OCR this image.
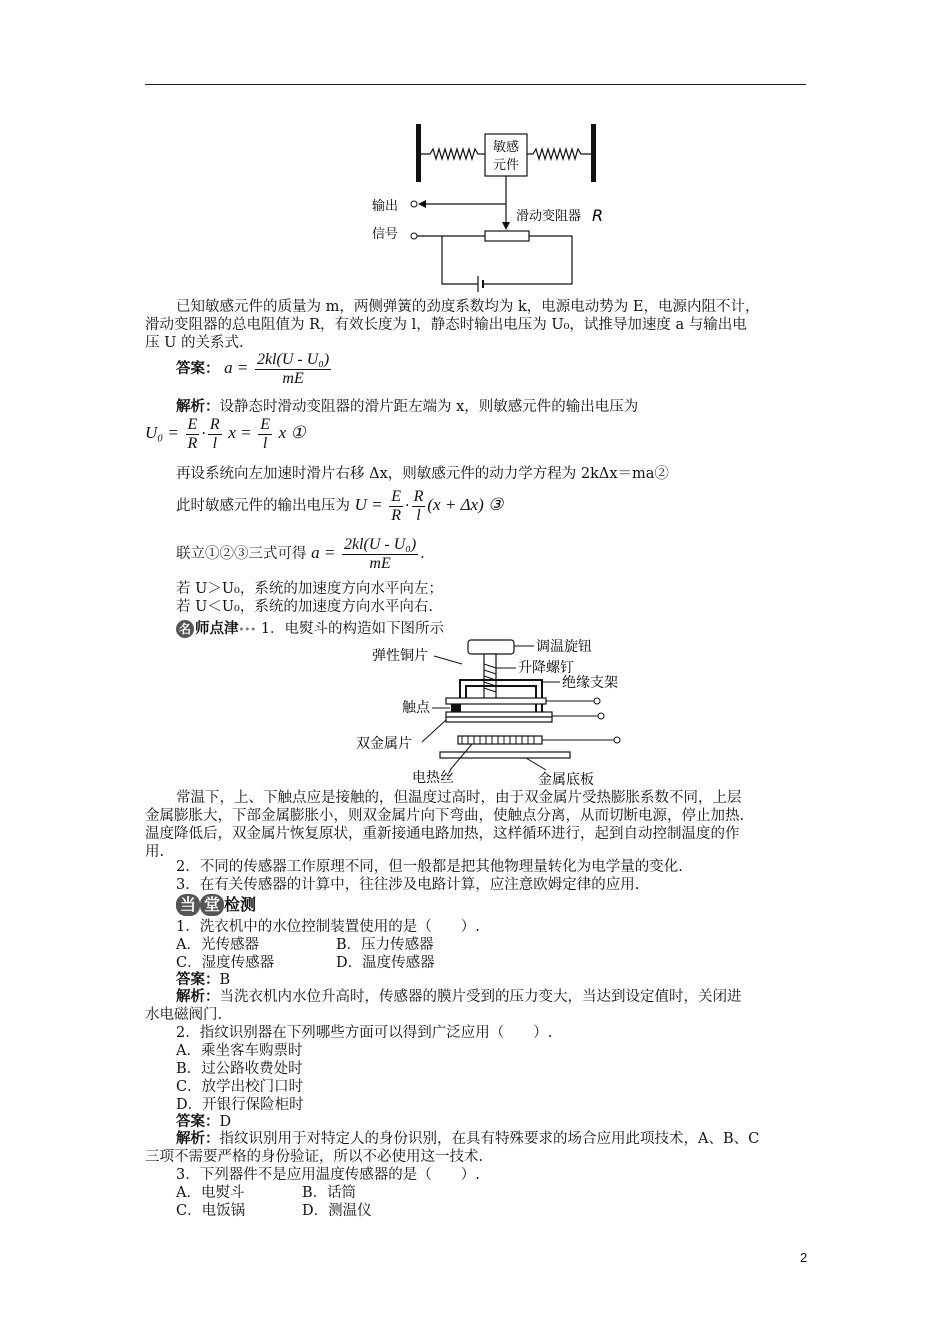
敏感
元件
输出
信号
滑动变阻器 R
已知敏感元件的质量为 m，两侧弹簧的劲度系数均为 k，电源电动势为 E，电源内阻不计，
滑动变阻器的总电阻值为 R，有效长度为 l，静态时输出电压为 U₀，试推导加速度 a 与输出电
压 U 的关系式.
答案： $a = \frac{\text{2kl(U - U₀)}}{mE}$
解析：设静态时滑动变阻器的滑片距左端为 x，则敏感元件的输出电压为
$U_0 = \frac{E}{R} \cdot \frac{R}{l}$ $x = \frac{E}{l}$ x ①
再设系统向左加速时滑片右移 Δx，则敏感元件的动力学方程为 2kΔx＝ma②
此时敏感元件的输出电压为 $U = \frac{E}{R} \cdot \frac{R}{l} (x + \Delta x)$ ③
联立①②③三式可得 $a = \frac{\text{2kl(U - U₀)}}{mE}$ .
若 U＞U₀，系统的加速度方向水平向左；
若 U＜U₀，系统的加速度方向水平向右.
名 师点津••• 1．电熨斗的构造如下图所示
调温旋钮
升降螺钉
弹性铜片
绝缘支架
触点
双金属片
电热丝	金属底板
常温下，上、下触点应是接触的，但温度过高时，由于双金属片受热膨胀系数不同，上层
金属膨胀大，下部金属膨胀小，则双金属片向下弯曲，使触点分离，从而切断电源，停止加热.
温度降低后，双金属片恢复原状，重新接通电路加热，这样循环进行，起到自动控制温度的作
用.
2．不同的传感器工作原理不同，但一般都是把其他物理量转化为电学量的变化.
3．在有关传感器的计算中，往往涉及电路计算，应注意欧姆定律的应用.
当 堂 检测
1．洗衣机中的水位控制装置使用的是（　　）.
A．光传感器	B．压力传感器
C．湿度传感器	D．温度传感器
答案：B
解析：当洗衣机内水位升高时，传感器的膜片受到的压力变大，当达到设定值时，关闭进
水电磁阀门.
2．指纹识别器在下列哪些方面可以得到广泛应用（　　）.
A．乘坐客车购票时
B．过公路收费处时
C．放学出校门口时
D．开银行保险柜时
答案：D
解析：指纹识别用于对特定人的身份识别，在具有特殊要求的场合应用此项技术，A、B、C
三项不需要严格的身份验证，所以不必使用这一技术.
3．下列器件不是应用温度传感器的是（　　）.
A．电熨斗	B．话筒
C．电饭锅	D．测温仪
2
